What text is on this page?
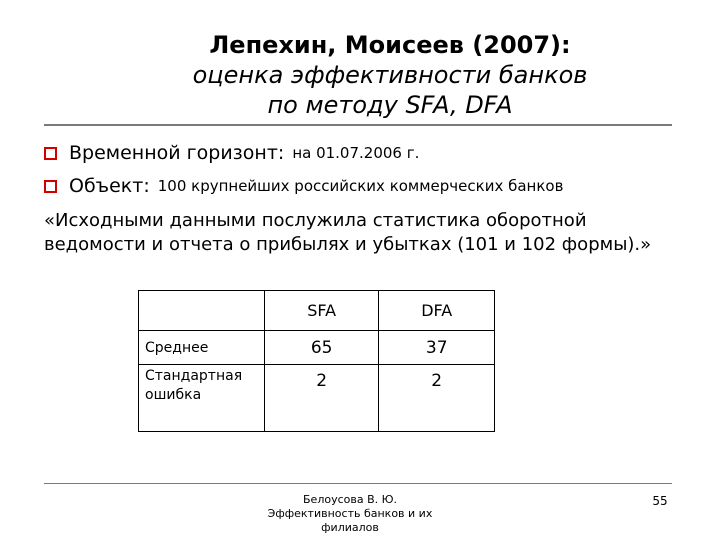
Лепехин, Моисеев (2007):
оценка эффективности банков
по методу SFA, DFA
Временной горизонт: на 01.07.2006 г.
Объект: 100 крупнейших российских коммерческих банков
«Исходными данными послужила статистика оборотной
ведомости и отчета о прибылях и убытках (101 и 102 формы).»
	SFA	DFA
Среднее	65	37

Стандартная
ошибка	2	2
Белоусова В. Ю.
Эффективность банков и их
филиалов
55
